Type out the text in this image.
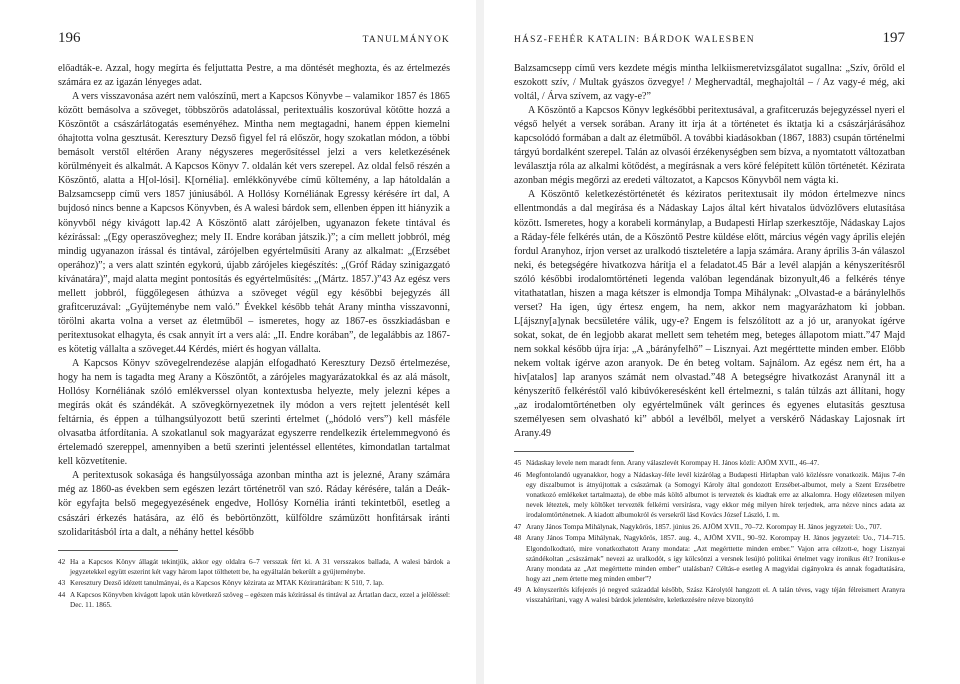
196	TANULMÁNYOK

előadták-e. Azzal, hogy megírta és feljuttatta Pestre, a ma döntését meghozta, és az értelmezés számára ez az igazán lényeges adat.

A vers visszavonása azért nem valószínű, mert a Kapcsos Könyvbe – valamikor 1857 és 1865 között bemásolva a szöveget, többszörös adatolással, peritextuális koszorúval kötötte hozzá a Köszöntőt a császárlátogatás eseményéhez. Mintha nem megtagadni, hanem éppen kiemelni óhajtotta volna gesztusát. Keresztury Dezső figyel fel rá először, hogy szokatlan módon, a többi bemásolt verstől eltérően Arany négyszeres megerősítéssel jelzi a vers keletkezésének körülményeit és alkalmát. A Kapcsos Könyv 7. oldalán két vers szerepel. Az oldal felső részén a Köszöntő, alatta a H[ol-lósi]. K[ornélia]. emlékkönyvébe című költemény, a lap hátoldalán a Balzsamcsepp című vers 1857 júniusából. A Hollósy Kornéliának Egressy kérésére írt dal, A bujdosó nincs benne a Kapcsos Könyvben, és A walesi bárdok sem, ellenben éppen itt hiányzik a könyvből négy kivágott lap.42 A Köszöntő alatt zárójelben, ugyanazon fekete tintával és kézírással: „(Egy operaszöveghez; mely II. Endre korában játszik.)”; a cím mellett jobbról, még mindig ugyanazon írással és tintával, zárójelben egyértelműsíti Arany az alkalmat: „(Erzsébet operához)”; a vers alatt szintén egykorú, újabb zárójeles kiegészítés: „(Gróf Ráday szinigazgató kívánatára)”, majd alatta megint pontosítás és egyértelműsítés: „(Mártz. 1857.)”43 Az egész vers mellett jobbról, függőlegesen áthúzva a szöveget végül egy későbbi bejegyzés áll grafitceruzával: „Gyüjteménybe nem való.” Évekkel később tehát Arany mintha visszavonni, törölni akarta volna a verset az életműből – ismeretes, hogy az 1867-es összkiadásban e peritextusokat elhagyta, és csak annyit írt a vers alá: „II. Endre korában”, de legalábbis az 1867-es kötetig vállalta a szöveget.44 Kérdés, miért és hogyan vállalta.

A Kapcsos Könyv szövegelrendezése alapján elfogadható Keresztury Dezső értelmezése, hogy ha nem is tagadta meg Arany a Köszöntőt, a zárójeles magyarázatokkal és az alá másolt, Hollósy Kornéliának szóló emlékverssel olyan kontextusba helyezte, mely jelezni képes a megírás okát és szándékát. A szövegkörnyezetnek ily módon a vers rejtett jelentését kell feltárnia, és éppen a túlhangsúlyozott betű szerinti értelmet („hódoló vers”) kell másféle olvasatba átfordítania. A szokatlanul sok magyarázat egyszerre rendelkezik értelemmegvonó és értelemadó szereppel, amennyiben a betű szerinti jelentéssel ellentétes, kimondatlan tartalmat kell közvetítenie.

A peritextusok sokasága és hangsúlyossága azonban mintha azt is jelezné, Arany számára még az 1860-as években sem egészen lezárt történetről van szó. Ráday kérésére, talán a Deák-kör egyfajta belső megegyezésének engedve, Hollósy Kornélia iránti tekintetből, esetleg a császári érkezés hatására, az élő és bebörtönzött, külföldre számüzött honfitársak iránti szolidaritásból írta a dalt, a néhány hettel később

42 Ha a Kapcsos Könyv állagát tekintjük, akkor egy oldalra 6–7 versszak fért ki. A 31 versszakos ballada, A walesi bárdok a jegyzetekkel együtt eszerint két vagy három lapot tölthetett be, ha egyáltalán bekerült a gyüjteménybe.

43 Keresztury Dezső idézett tanulmányai, és a Kapcsos Könyv kézirata az MTAK Kézirattárában: K 510, 7. lap.

44 A Kapcsos Könyvben kivágott lapok után következő szöveg – egészen más kézírással és tintával az Ártatlan dacz, ezzel a jelöléssel: Dec. 11. 1865.

HÁSZ-FEHÉR KATALIN: BÁRDOK WALESBEN	197

Balzsamcsepp című vers kezdete mégis mintha lelkiismeretvizsgálatot sugallna: „Szív, őröld el eszokott szív, / Multak gyászos özvegye! / Meghervadtál, meghajoltál – / Az vagy-é még, aki voltál, / Árva szívem, az vagy-e?”

A Köszöntő a Kapcsos Könyv legkésőbbi peritextusával, a grafitceruzás bejegyzéssel nyeri el végső helyét a versek sorában. Arany itt írja át a történetet és iktatja ki a császárjárásához kapcsolódó formában a dalt az életműből. A további kiadásokban (1867, 1883) csupán történelmi tárgyú bordalként szerepel. Talán az olvasói érzékenységben sem bízva, a nyomtatott változatban leválasztja róla az alkalmi kötődést, a megírásnak a vers köré felépített külön történetét. Kézirata azonban mégis megőrzi az eredeti változatot, a Kapcsos Könyvből nem vágta ki.

A Köszöntő keletkezéstörténetét és kéziratos peritextusait ily módon értelmezve nincs ellentmondás a dal megírása és a Nádaskay Lajos által kért hivatalos üdvözlővers elutasítása között. Ismeretes, hogy a korabeli kormánylap, a Budapesti Hírlap szerkesztője, Nádaskay Lajos a Ráday-féle felkérés után, de a Köszöntő Pestre küldése előtt, március végén vagy április elején fordul Aranyhoz, írjon verset az uralkodó tiszteletére a lapja számára. Arany április 3-án válaszol neki, és betegségére hivatkozva hárítja el a feladatot.45 Bár a levél alapján a kényszerítésről szóló későbbi irodalomtörténeti legenda valóban legendának bizonyult,46 a felkérés ténye vitathatatlan, hiszen a maga kétszer is elmondja Tompa Mihálynak: „Olvastad-e a báránylelhős verset? Ha igen, úgy értesz engem, ha nem, akkor nem magyarázhatom ki jobban. L[ájszny[a]ynak becsületére válik, ugy-e? Engem is felszólított az a jó ur, aranyokat ígérve sokat, sokat, de én legjobb akarat mellett sem tehetém meg, beteges állapotom miatt.”47 Majd nem sokkal később újra írja: „A „bárányfelhő” – Lisznyai. Azt megérttette minden ember. Előbb nekem voltak ígérve azon aranyok. De én beteg voltam. Sajnálom. Az egész nem ért, ha a hiv[atalos] lap aranyos számát nem olvastad.”48 A betegségre hivatkozást Aranynál itt a kényszerítő felkéréstől való kibúvókeresésként kell értelmezni, s talán túlzás azt állítani, hogy „az irodalomtörténetben oly egyértelműnek vált gerinces és egyenes elutasítás gesztusa személyesen sem olvasható ki” abból a levélből, melyet a verskérő Nádaskay Lajosnak írt Arany.49

45 Nádaskay levele nem maradt fenn. Arany válaszlevét Korompay H. János közli: AJÖM XVII., 46–47.

46 Megfontolandó ugyanakkor, hogy a Nádaskay-féle levél kizárólag a Budapesti Hírlapban való közléssre vonatkozik. Május 7-én egy díszalbumot is átnyújtottak a császárnak (a Somogyi Károly által gondozott Erzsébet-albumot, mely a Szent Erzsébetre vonatkozó emlékeket tartalmazta), de ebbe más költő albumot is terveztek és kiadtak erre az alkalomra. Hogy előzetesen milyen nevek léteztek, mely költőket tervezték felkérni versírásra, vagy ekkor még milyen hírek terjedtek, arra nézve nincs adata az irodalomtörténetnek. A kiadott albumokról és versekről lásd Kovács József László, I. m.

47 Arany János Tompa Mihálynak, Nagykőrös, 1857. június 26. AJÖM XVII., 70–72. Korompay H. János jegyzetei: Uo., 707.

48 Arany János Tompa Mihálynak, Nagykőrös, 1857. aug. 4., AJÖM XVII., 90–92. Korompay H. János jegyzetei: Uo., 714–715. Elgondolkodtató, mire vonatkozhatott Arany mondata: „Azt megérttette minden ember.” Vajon arra célzott-e, hogy Lisznyai szándékoltan „császárnak” nevezi az uralkodót, s így kölcsönzi a versnek lesújtó politikai értelmet vagy ironikus élt? Ironikus-e Arany mondata az „Azt megérttette minden ember” utalásban? Céltás-e esetleg A magyidai cigányokra és annak fogadtatására, hogy azt „nem értette meg minden ember”?

49 A kényszerítés kifejezés jó negyed századdal később, Szász Károlytól hangzott el. A talán téves, vagy téján félreismert Aranyra visszahárítani, vagy A walesi bárdok jelentésére, keletkezésére nézve bizonyító
